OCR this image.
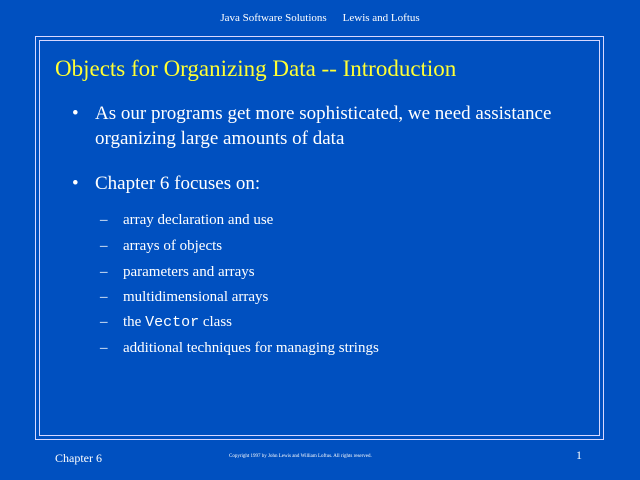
Java Software Solutions Lewis and Loftus
Objects for Organizing Data -- Introduction
• As our programs get more sophisticated, we need assistance organizing large amounts of data
• Chapter 6 focuses on:
– array declaration and use
– arrays of objects
– parameters and arrays
– multidimensional arrays
– the Vector class
– additional techniques for managing strings
Chapter 6	Copyright 1997 by John Lewis and William Loftus. All rights reserved.	1
